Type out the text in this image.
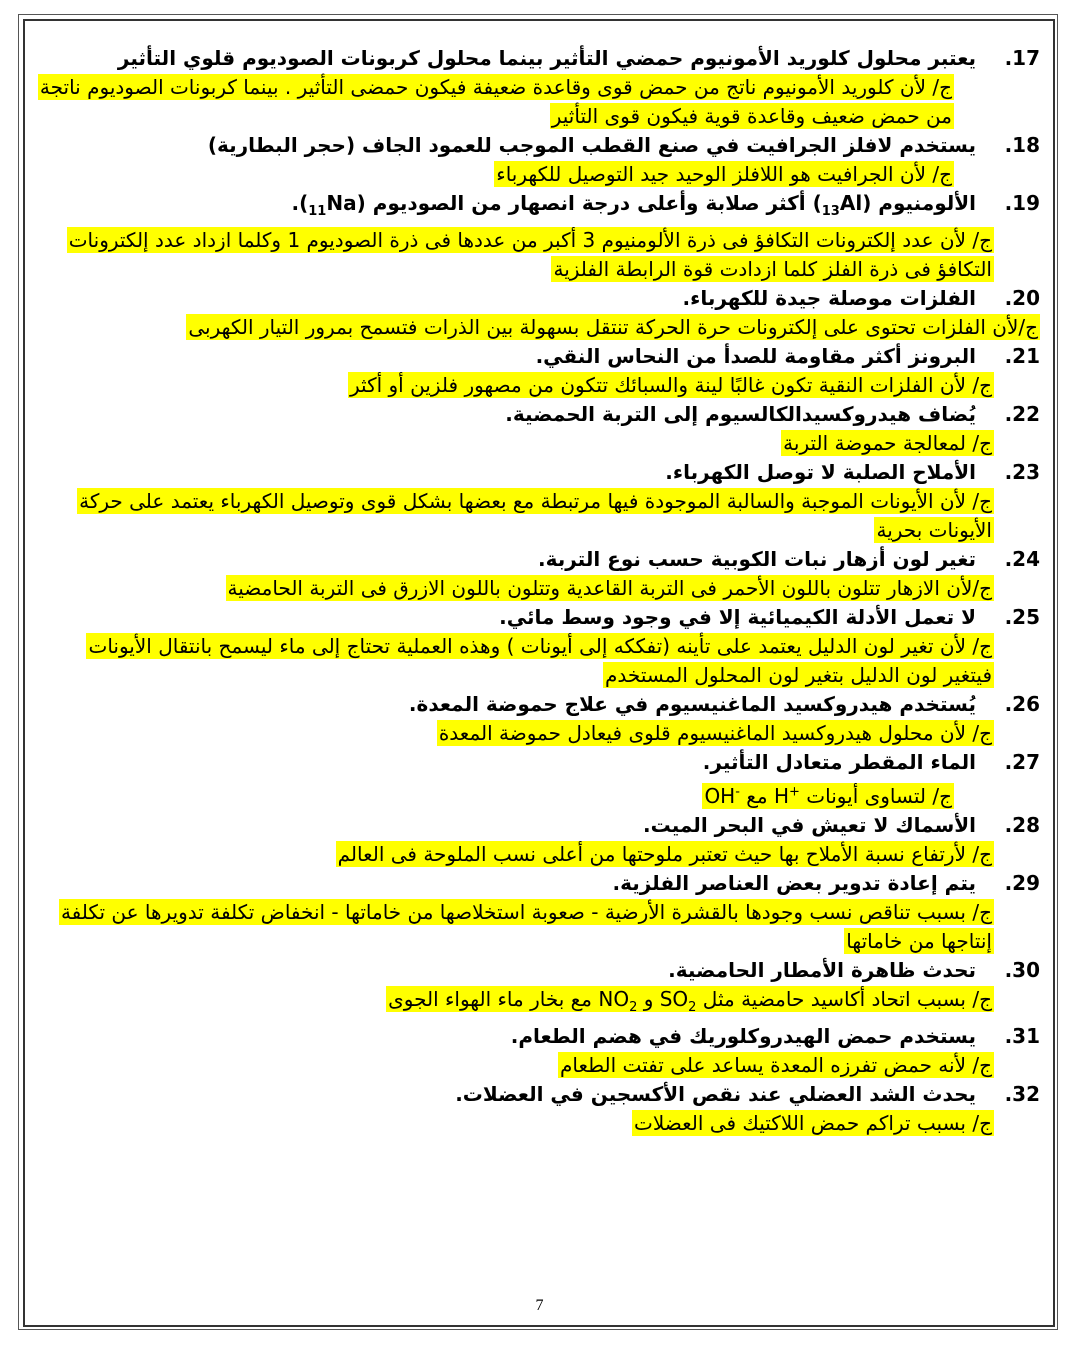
.17
يعتبر محلول كلوريد الأمونيوم حمضي التأثير بينما محلول كربونات الصوديوم قلوي التأثير
ج/ لأن كلوريد الأمونيوم ناتج من حمض قوى وقاعدة ضعيفة فيكون حمضى التأثير . بينما كربونات الصوديوم ناتجة من حمض ضعيف وقاعدة قوية فيكون قوى التأثير
.18
يستخدم لافلز الجرافيت في صنع القطب الموجب للعمود الجاف (حجر البطارية)
ج/ لأن الجرافيت هو اللافلز الوحيد جيد التوصيل للكهرباء
.19
الألومنيوم $(_{13}Al)$ أكثر صلابة وأعلى درجة انصهار من الصوديوم $(_{11}Na)$.
ج/ لأن عدد إلكترونات التكافؤ فى ذرة الألومنيوم 3 أكبر من عددها فى ذرة الصوديوم 1 وكلما ازداد عدد إلكترونات التكافؤ فى ذرة الفلز كلما ازدادت قوة الرابطة الفلزية
.20
الفلزات موصلة جيدة للكهرباء.
ج/لأن الفلزات تحتوى على إلكترونات حرة الحركة تنتقل بسهولة بين الذرات فتسمح بمرور التيار الكهربى
.21
البرونز أكثر مقاومة للصدأ من النحاس النقي.
ج/ لأن الفلزات النقية تكون غالبًا لينة والسبائك تتكون من مصهور فلزين أو أكثر
.22
يُضاف هيدروكسيدالكالسيوم إلى التربة الحمضية.
ج/ لمعالجة حموضة التربة
.23
الأملاح الصلبة لا توصل الكهرباء.
ج/ لأن الأيونات الموجبة والسالبة الموجودة فيها مرتبطة مع بعضها بشكل قوى وتوصيل الكهرباء يعتمد على حركة الأيونات بحرية
.24
تغير لون أزهار نبات الكوبية حسب نوع التربة.
ج/لأن الازهار تتلون باللون الأحمر فى التربة القاعدية وتتلون باللون الازرق فى التربة الحامضية
.25
لا تعمل الأدلة الكيميائية إلا في وجود وسط مائي.
ج/ لأن تغير لون الدليل يعتمد على تأينه (تفككه إلى أيونات ) وهذه العملية تحتاج إلى ماء ليسمح بانتقال الأيونات فيتغير لون الدليل بتغير لون المحلول المستخدم
.26
يُستخدم هيدروكسيد الماغنيسيوم في علاج حموضة المعدة.
ج/ لأن محلول هيدروكسيد الماغنيسيوم قلوى فيعادل حموضة المعدة
.27
الماء المقطر متعادل التأثير.
ج/ لتساوى أيونات H+ مع OH-
.28
الأسماك لا تعيش في البحر الميت.
ج/ لأرتفاع نسبة الأملاح بها حيث تعتبر ملوحتها من أعلى نسب الملوحة فى العالم
.29
يتم إعادة تدوير بعض العناصر الفلزية.
ج/ بسبب تناقص نسب وجودها بالقشرة الأرضية - صعوبة استخلاصها من خاماتها - انخفاض تكلفة تدويرها عن تكلفة إنتاجها من خاماتها
.30
تحدث ظاهرة الأمطار الحامضية.
ج/ بسبب اتحاد أكاسيد حامضية مثل $SO_2$ و $NO_2$ مع بخار ماء الهواء الجوى
.31
يستخدم حمض الهيدروكلوريك في هضم الطعام.
ج/ لأنه حمض تفرزه المعدة يساعد على تفتت الطعام
.32
يحدث الشد العضلي عند نقص الأكسجين في العضلات.
ج/ بسبب تراكم حمض اللاكتيك فى العضلات
7
